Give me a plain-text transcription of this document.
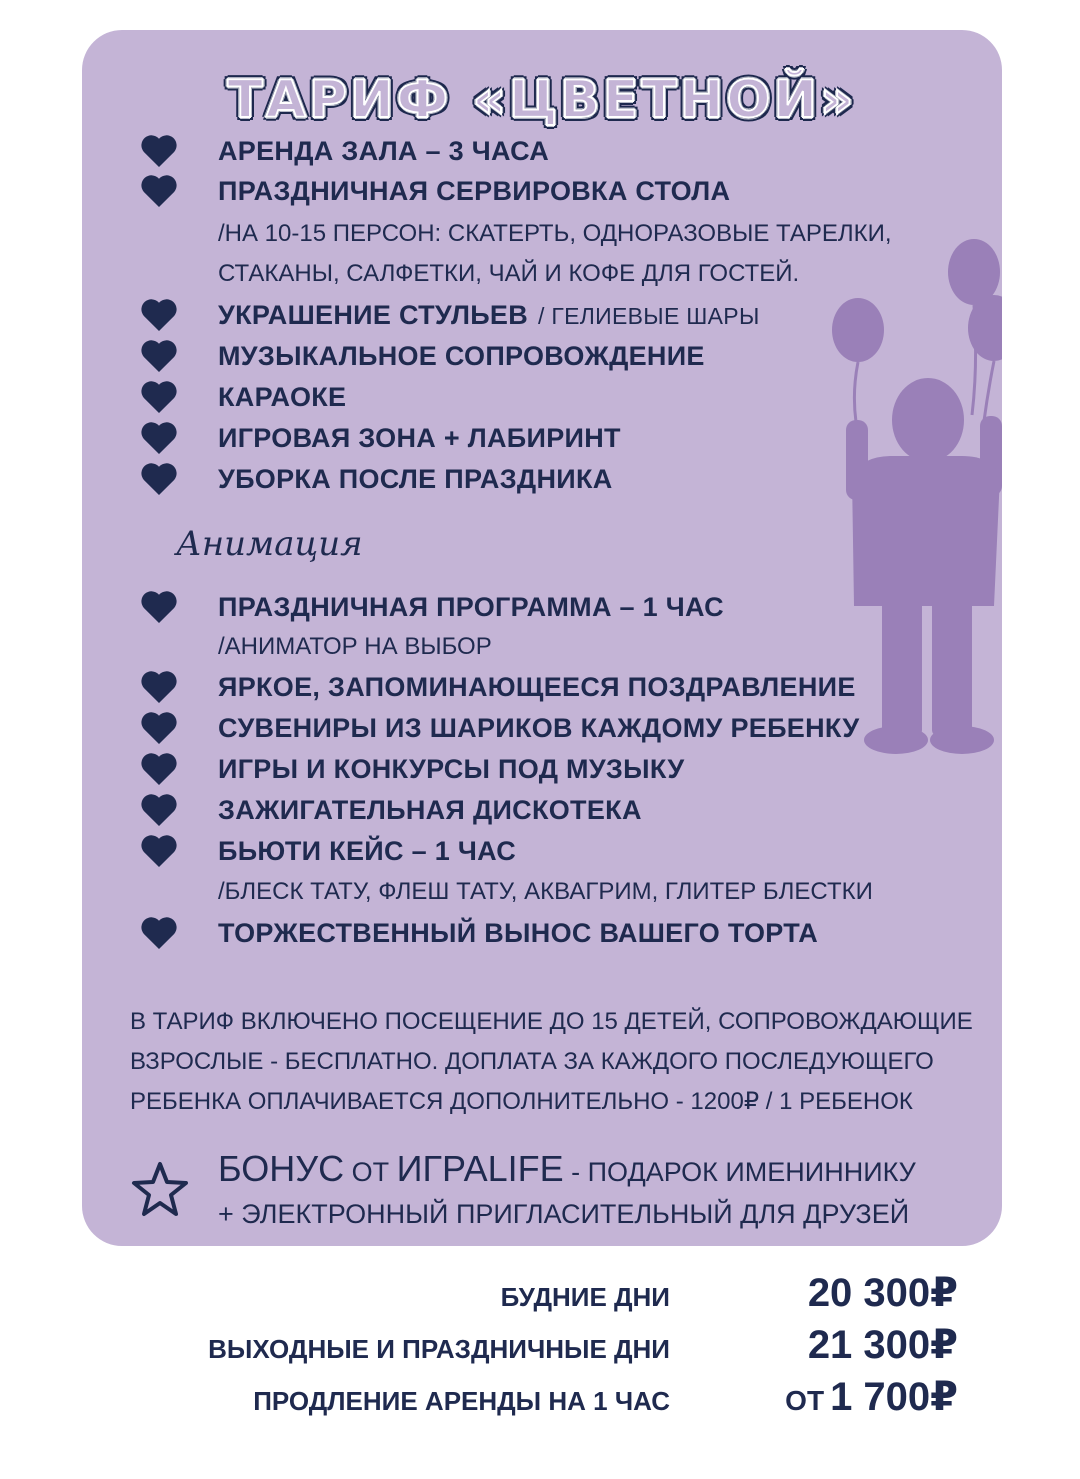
ТАРИФ «ЦВЕТНОЙ»
АРЕНДА ЗАЛА – 3 ЧАСА
ПРАЗДНИЧНАЯ СЕРВИРОВКА СТОЛА
/НА 10-15 ПЕРСОН: СКАТЕРТЬ, ОДНОРАЗОВЫЕ ТАРЕЛКИ,
СТАКАНЫ, САЛФЕТКИ, ЧАЙ И КОФЕ ДЛЯ ГОСТЕЙ.
УКРАШЕНИЕ СТУЛЬЕВ / ГЕЛИЕВЫЕ ШАРЫ
МУЗЫКАЛЬНОЕ СОПРОВОЖДЕНИЕ
КАРАОКЕ
ИГРОВАЯ ЗОНА + ЛАБИРИНТ
УБОРКА ПОСЛЕ ПРАЗДНИКА
Анимация
ПРАЗДНИЧНАЯ ПРОГРАММА – 1 ЧАС
/АНИМАТОР НА ВЫБОР
ЯРКОЕ, ЗАПОМИНАЮЩЕЕСЯ ПОЗДРАВЛЕНИЕ
СУВЕНИРЫ ИЗ ШАРИКОВ КАЖДОМУ РЕБЕНКУ
ИГРЫ И КОНКУРСЫ ПОД МУЗЫКУ
ЗАЖИГАТЕЛЬНАЯ ДИСКОТЕКА
БЬЮТИ КЕЙС – 1 ЧАС
/БЛЕСК ТАТУ, ФЛЕШ ТАТУ, АКВАГРИМ, ГЛИТЕР БЛЕСТКИ
ТОРЖЕСТВЕННЫЙ ВЫНОС ВАШЕГО ТОРТА
В ТАРИФ ВКЛЮЧЕНО ПОСЕЩЕНИЕ ДО 15 ДЕТЕЙ, СОПРОВОЖДАЮЩИЕ
ВЗРОСЛЫЕ - БЕСПЛАТНО. ДОПЛАТА ЗА КАЖДОГО ПОСЛЕДУЮЩЕГО
РЕБЕНКА ОПЛАЧИВАЕТСЯ ДОПОЛНИТЕЛЬНО - 1200₽ / 1 РЕБЕНОК
БОНУС ОТ ИГРАLIFE - ПОДАРОК ИМЕНИННИКУ
+ ЭЛЕКТРОННЫЙ ПРИГЛАСИТЕЛЬНЫЙ ДЛЯ ДРУЗЕЙ
БУДНИЕ ДНИ	20 300₽
ВЫХОДНЫЕ И ПРАЗДНИЧНЫЕ ДНИ	21 300₽
ПРОДЛЕНИЕ АРЕНДЫ НА 1 ЧАС	ОТ 1 700₽
